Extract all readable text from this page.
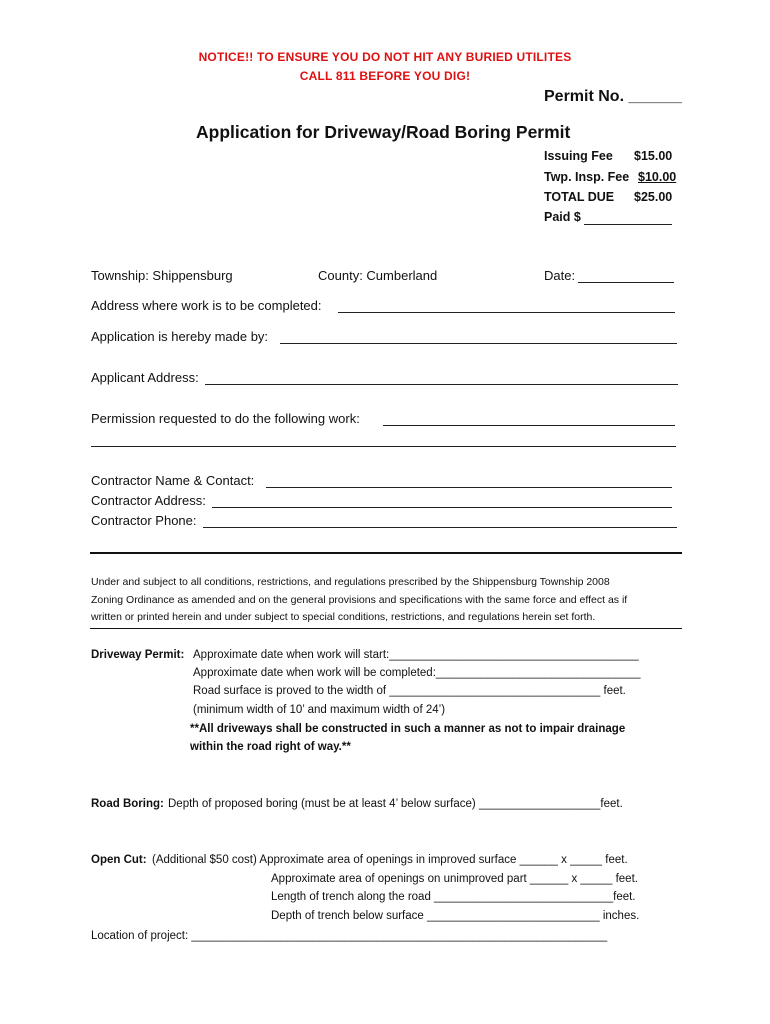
NOTICE!! TO ENSURE YOU DO NOT HIT ANY BURIED UTILITES
CALL 811 BEFORE YOU DIG!
Permit No. ______
Application for Driveway/Road Boring Permit
Issuing Fee $15.00
Twp. Insp. Fee $10.00
TOTAL DUE $25.00
Paid $
Township: Shippensburg	County: Cumberland	Date:
Address where work is to be completed:
Application is hereby made by:
Applicant Address:
Permission requested to do the following work:
Contractor Name & Contact:
Contractor Address:
Contractor Phone:
Under and subject to all conditions, restrictions, and regulations prescribed by the Shippensburg Township 2008
Zoning Ordinance as amended and on the general provisions and specifications with the same force and effect as if
written or printed herein and under subject to special conditions, restrictions, and regulations herein set forth.
Driveway Permit: Approximate date when work will start:_______________________________________
Approximate date when work will be completed:________________________________
Road surface is proved to the width of _________________________________ feet.
(minimum width of 10’ and maximum width of 24’)
**All driveways shall be constructed in such a manner as not to impair drainage
within the road right of way.**
Road Boring: Depth of proposed boring (must be at least 4’ below surface) ___________________feet.
Open Cut: (Additional $50 cost) Approximate area of openings in improved surface ______ x _____ feet.
Approximate area of openings on unimproved part ______ x _____ feet.
Length of trench along the road ____________________________feet.
Depth of trench below surface ___________________________ inches.
Location of project: _________________________________________________________________
